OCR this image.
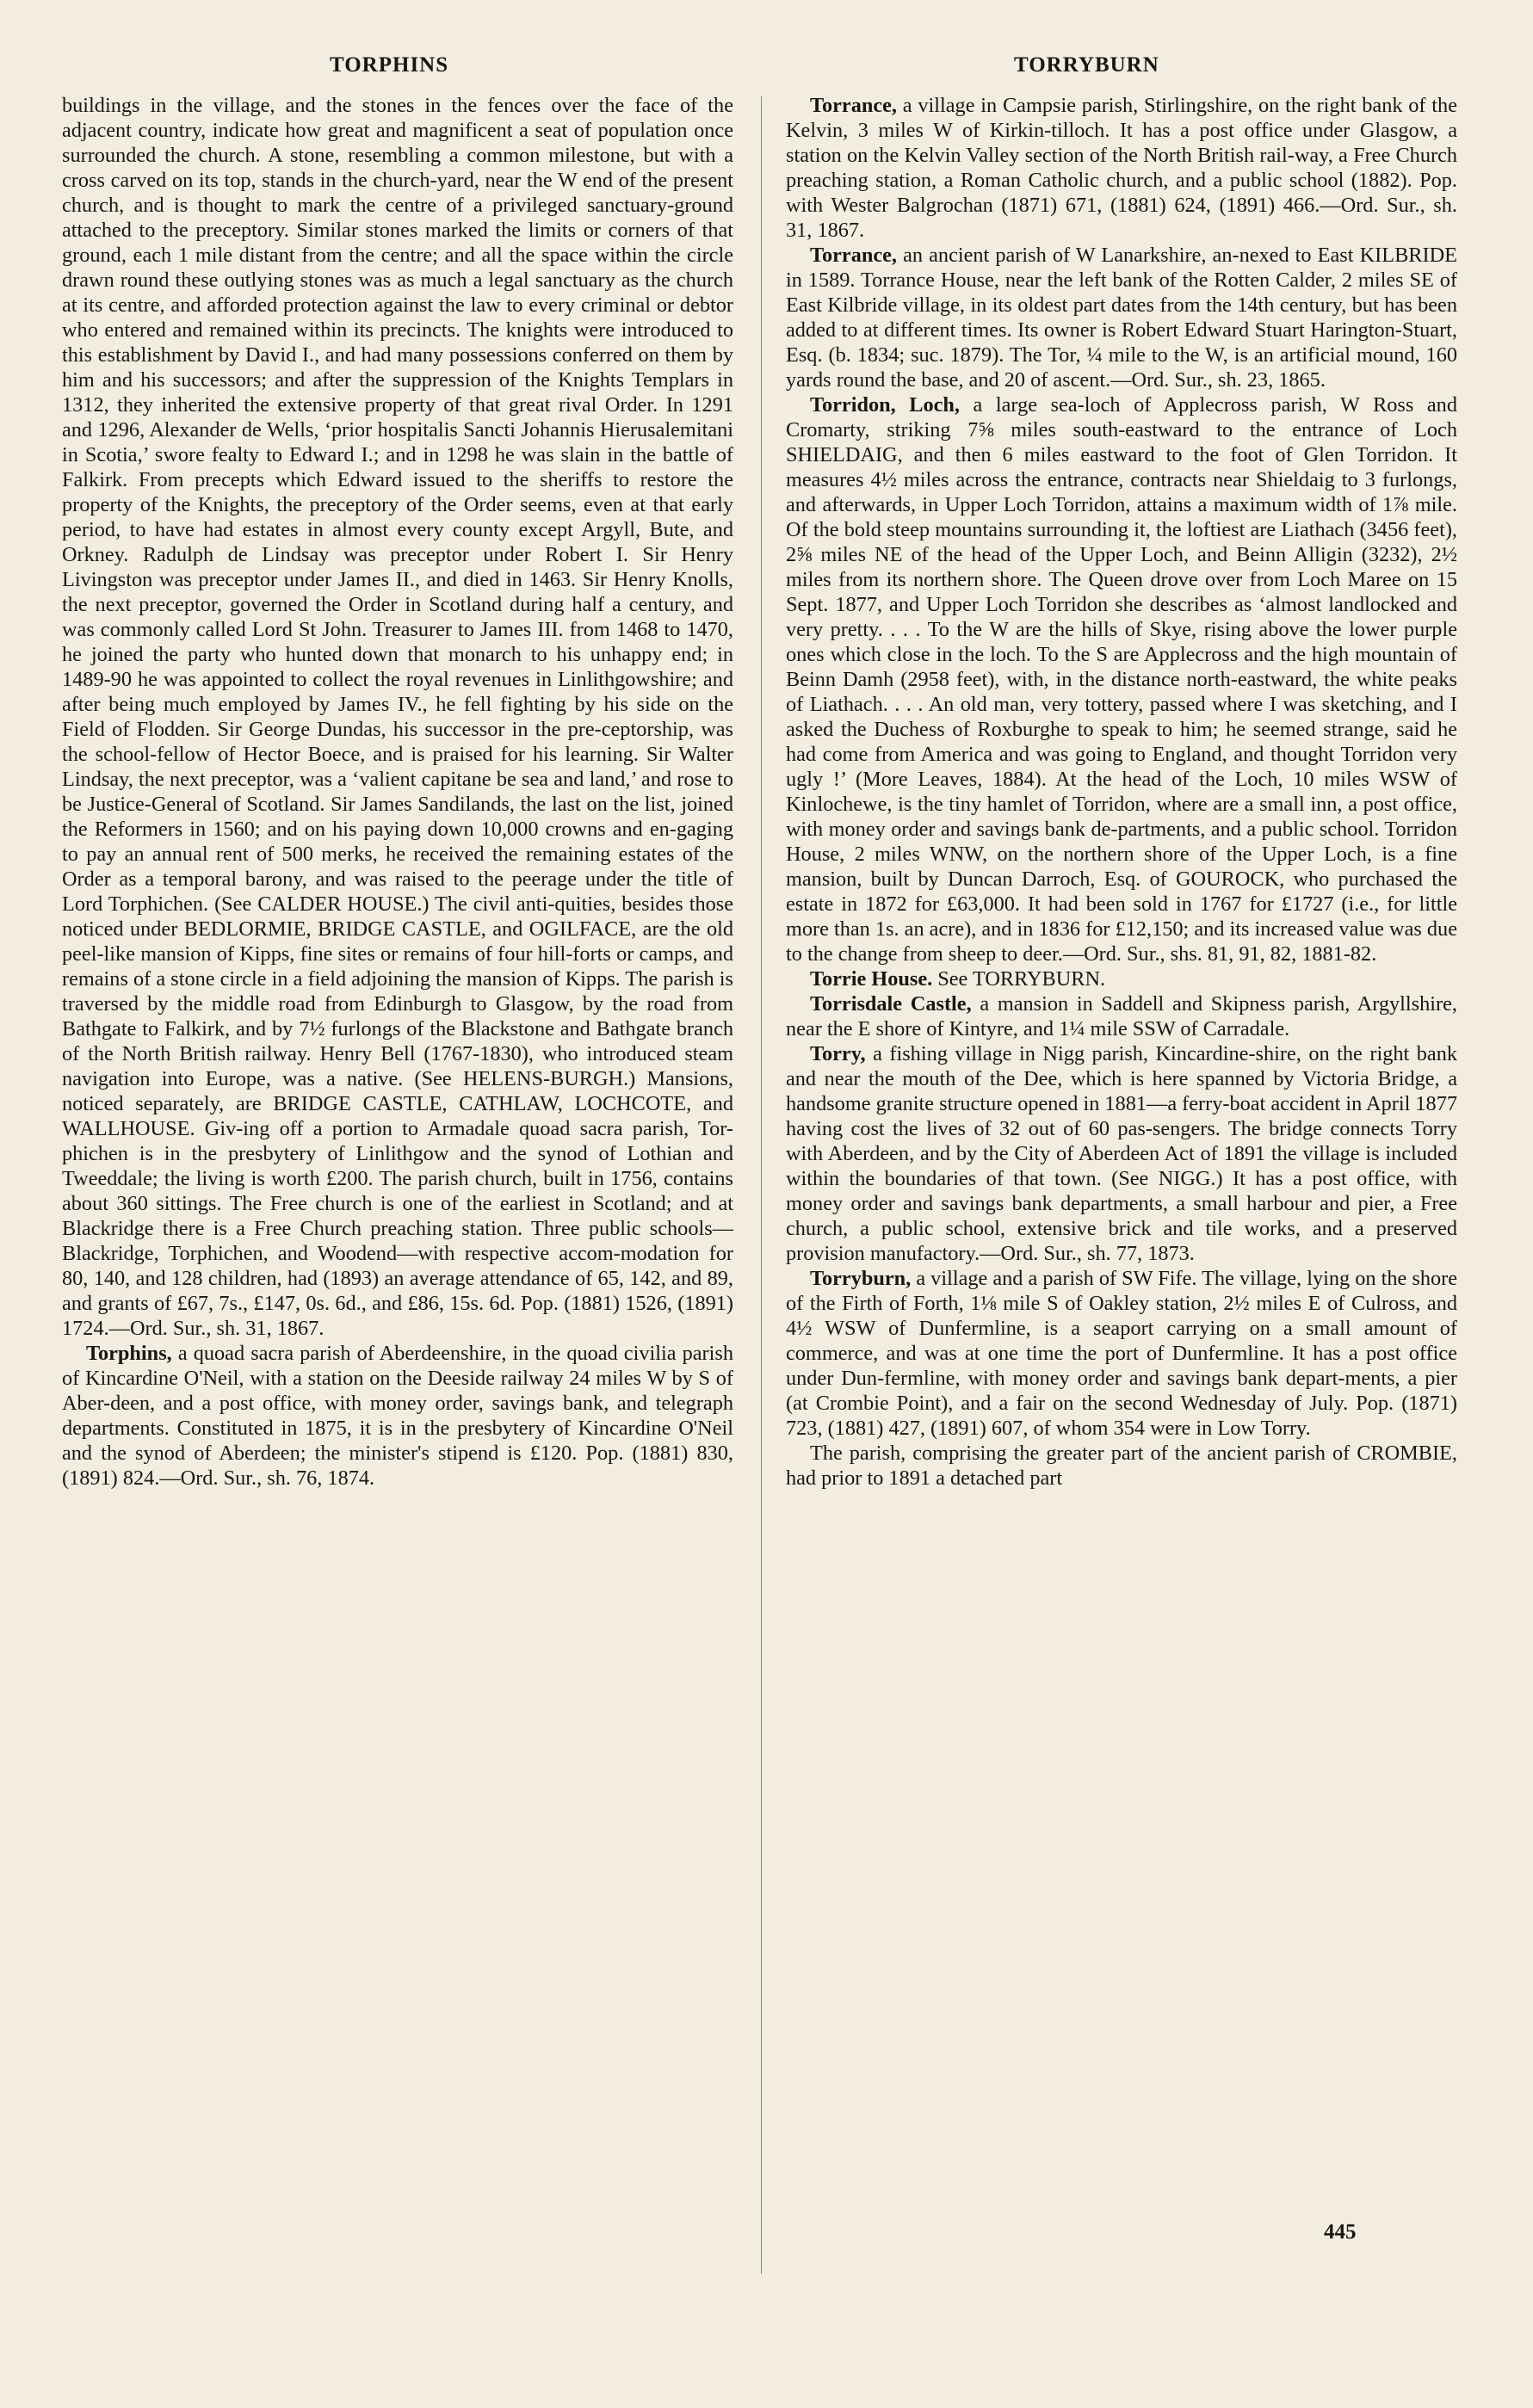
TORPHINS	TORRYBURN

buildings in the village, and the stones in the fences over the face of the adjacent country, indicate how great and magnificent a seat of population once surrounded the church. A stone, resembling a common milestone, but with a cross carved on its top, stands in the church-yard, near the W end of the present church, and is thought to mark the centre of a privileged sanctuary-ground attached to the preceptory. Similar stones marked the limits or corners of that ground, each 1 mile distant from the centre; and all the space within the circle drawn round these outlying stones was as much a legal sanctuary as the church at its centre, and afforded protection against the law to every criminal or debtor who entered and remained within its precincts. The knights were introduced to this establishment by David I., and had many possessions conferred on them by him and his successors; and after the suppression of the Knights Templars in 1312, they inherited the extensive property of that great rival Order. In 1291 and 1296, Alexander de Wells, ‘prior hospitalis Sancti Johannis Hierusalemitani in Scotia,’ swore fealty to Edward I.; and in 1298 he was slain in the battle of Falkirk. From precepts which Edward issued to the sheriffs to restore the property of the Knights, the preceptory of the Order seems, even at that early period, to have had estates in almost every county except Argyll, Bute, and Orkney. Radulph de Lindsay was preceptor under Robert I. Sir Henry Livingston was preceptor under James II., and died in 1463. Sir Henry Knolls, the next preceptor, governed the Order in Scotland during half a century, and was commonly called Lord St John. Treasurer to James III. from 1468 to 1470, he joined the party who hunted down that monarch to his unhappy end; in 1489-90 he was appointed to collect the royal revenues in Linlithgowshire; and after being much employed by James IV., he fell fighting by his side on the Field of Flodden. Sir George Dundas, his successor in the pre-ceptorship, was the school-fellow of Hector Boece, and is praised for his learning. Sir Walter Lindsay, the next preceptor, was a ‘valient capitane be sea and land,’ and rose to be Justice-General of Scotland. Sir James Sandilands, the last on the list, joined the Reformers in 1560; and on his paying down 10,000 crowns and en-gaging to pay an annual rent of 500 merks, he received the remaining estates of the Order as a temporal barony, and was raised to the peerage under the title of Lord Torphichen. (See CALDER HOUSE.) The civil anti-quities, besides those noticed under BEDLORMIE, BRIDGE CASTLE, and OGILFACE, are the old peel-like mansion of Kipps, fine sites or remains of four hill-forts or camps, and remains of a stone circle in a field adjoining the mansion of Kipps. The parish is traversed by the middle road from Edinburgh to Glasgow, by the road from Bathgate to Falkirk, and by 7½ furlongs of the Blackstone and Bathgate branch of the North British railway. Henry Bell (1767-1830), who introduced steam navigation into Europe, was a native. (See HELENS-BURGH.) Mansions, noticed separately, are BRIDGE CASTLE, CATHLAW, LOCHCOTE, and WALLHOUSE. Giv-ing off a portion to Armadale quoad sacra parish, Tor-phichen is in the presbytery of Linlithgow and the synod of Lothian and Tweeddale; the living is worth £200. The parish church, built in 1756, contains about 360 sittings. The Free church is one of the earliest in Scotland; and at Blackridge there is a Free Church preaching station. Three public schools—Blackridge, Torphichen, and Woodend—with respective accom-modation for 80, 140, and 128 children, had (1893) an average attendance of 65, 142, and 89, and grants of £67, 7s., £147, 0s. 6d., and £86, 15s. 6d. Pop. (1881) 1526, (1891) 1724.—Ord. Sur., sh. 31, 1867.

Torphins, a quoad sacra parish of Aberdeenshire, in the quoad civilia parish of Kincardine O'Neil, with a station on the Deeside railway 24 miles W by S of Aber-deen, and a post office, with money order, savings bank, and telegraph departments. Constituted in 1875, it is in the presbytery of Kincardine O'Neil and the synod of Aberdeen; the minister's stipend is £120. Pop. (1881) 830, (1891) 824.—Ord. Sur., sh. 76, 1874.

Torrance, a village in Campsie parish, Stirlingshire, on the right bank of the Kelvin, 3 miles W of Kirkin-tilloch. It has a post office under Glasgow, a station on the Kelvin Valley section of the North British rail-way, a Free Church preaching station, a Roman Catholic church, and a public school (1882). Pop. with Wester Balgrochan (1871) 671, (1881) 624, (1891) 466.—Ord. Sur., sh. 31, 1867.

Torrance, an ancient parish of W Lanarkshire, an-nexed to East KILBRIDE in 1589. Torrance House, near the left bank of the Rotten Calder, 2 miles SE of East Kilbride village, in its oldest part dates from the 14th century, but has been added to at different times. Its owner is Robert Edward Stuart Harington-Stuart, Esq. (b. 1834; suc. 1879). The Tor, ¼ mile to the W, is an artificial mound, 160 yards round the base, and 20 of ascent.—Ord. Sur., sh. 23, 1865.

Torridon, Loch, a large sea-loch of Applecross parish, W Ross and Cromarty, striking 7⅝ miles south-eastward to the entrance of Loch SHIELDAIG, and then 6 miles eastward to the foot of Glen Torridon. It measures 4½ miles across the entrance, contracts near Shieldaig to 3 furlongs, and afterwards, in Upper Loch Torridon, attains a maximum width of 1⅞ mile. Of the bold steep mountains surrounding it, the loftiest are Liathach (3456 feet), 2⅝ miles NE of the head of the Upper Loch, and Beinn Alligin (3232), 2½ miles from its northern shore. The Queen drove over from Loch Maree on 15 Sept. 1877, and Upper Loch Torridon she describes as ‘almost landlocked and very pretty. . . . To the W are the hills of Skye, rising above the lower purple ones which close in the loch. To the S are Applecross and the high mountain of Beinn Damh (2958 feet), with, in the distance north-eastward, the white peaks of Liathach. . . . An old man, very tottery, passed where I was sketching, and I asked the Duchess of Roxburghe to speak to him; he seemed strange, said he had come from America and was going to England, and thought Torridon very ugly !’ (More Leaves, 1884). At the head of the Loch, 10 miles WSW of Kinlochewe, is the tiny hamlet of Torridon, where are a small inn, a post office, with money order and savings bank de-partments, and a public school. Torridon House, 2 miles WNW, on the northern shore of the Upper Loch, is a fine mansion, built by Duncan Darroch, Esq. of GOUROCK, who purchased the estate in 1872 for £63,000. It had been sold in 1767 for £1727 (i.e., for little more than 1s. an acre), and in 1836 for £12,150; and its increased value was due to the change from sheep to deer.—Ord. Sur., shs. 81, 91, 82, 1881-82.

Torrie House. See TORRYBURN.

Torrisdale Castle, a mansion in Saddell and Skipness parish, Argyllshire, near the E shore of Kintyre, and 1¼ mile SSW of Carradale.

Torry, a fishing village in Nigg parish, Kincardine-shire, on the right bank and near the mouth of the Dee, which is here spanned by Victoria Bridge, a handsome granite structure opened in 1881—a ferry-boat accident in April 1877 having cost the lives of 32 out of 60 pas-sengers. The bridge connects Torry with Aberdeen, and by the City of Aberdeen Act of 1891 the village is included within the boundaries of that town. (See NIGG.) It has a post office, with money order and savings bank departments, a small harbour and pier, a Free church, a public school, extensive brick and tile works, and a preserved provision manufactory.—Ord. Sur., sh. 77, 1873.

Torryburn, a village and a parish of SW Fife. The village, lying on the shore of the Firth of Forth, 1⅛ mile S of Oakley station, 2½ miles E of Culross, and 4½ WSW of Dunfermline, is a seaport carrying on a small amount of commerce, and was at one time the port of Dunfermline. It has a post office under Dun-fermline, with money order and savings bank depart-ments, a pier (at Crombie Point), and a fair on the second Wednesday of July. Pop. (1871) 723, (1881) 427, (1891) 607, of whom 354 were in Low Torry.

The parish, comprising the greater part of the ancient parish of CROMBIE, had prior to 1891 a detached part

445
